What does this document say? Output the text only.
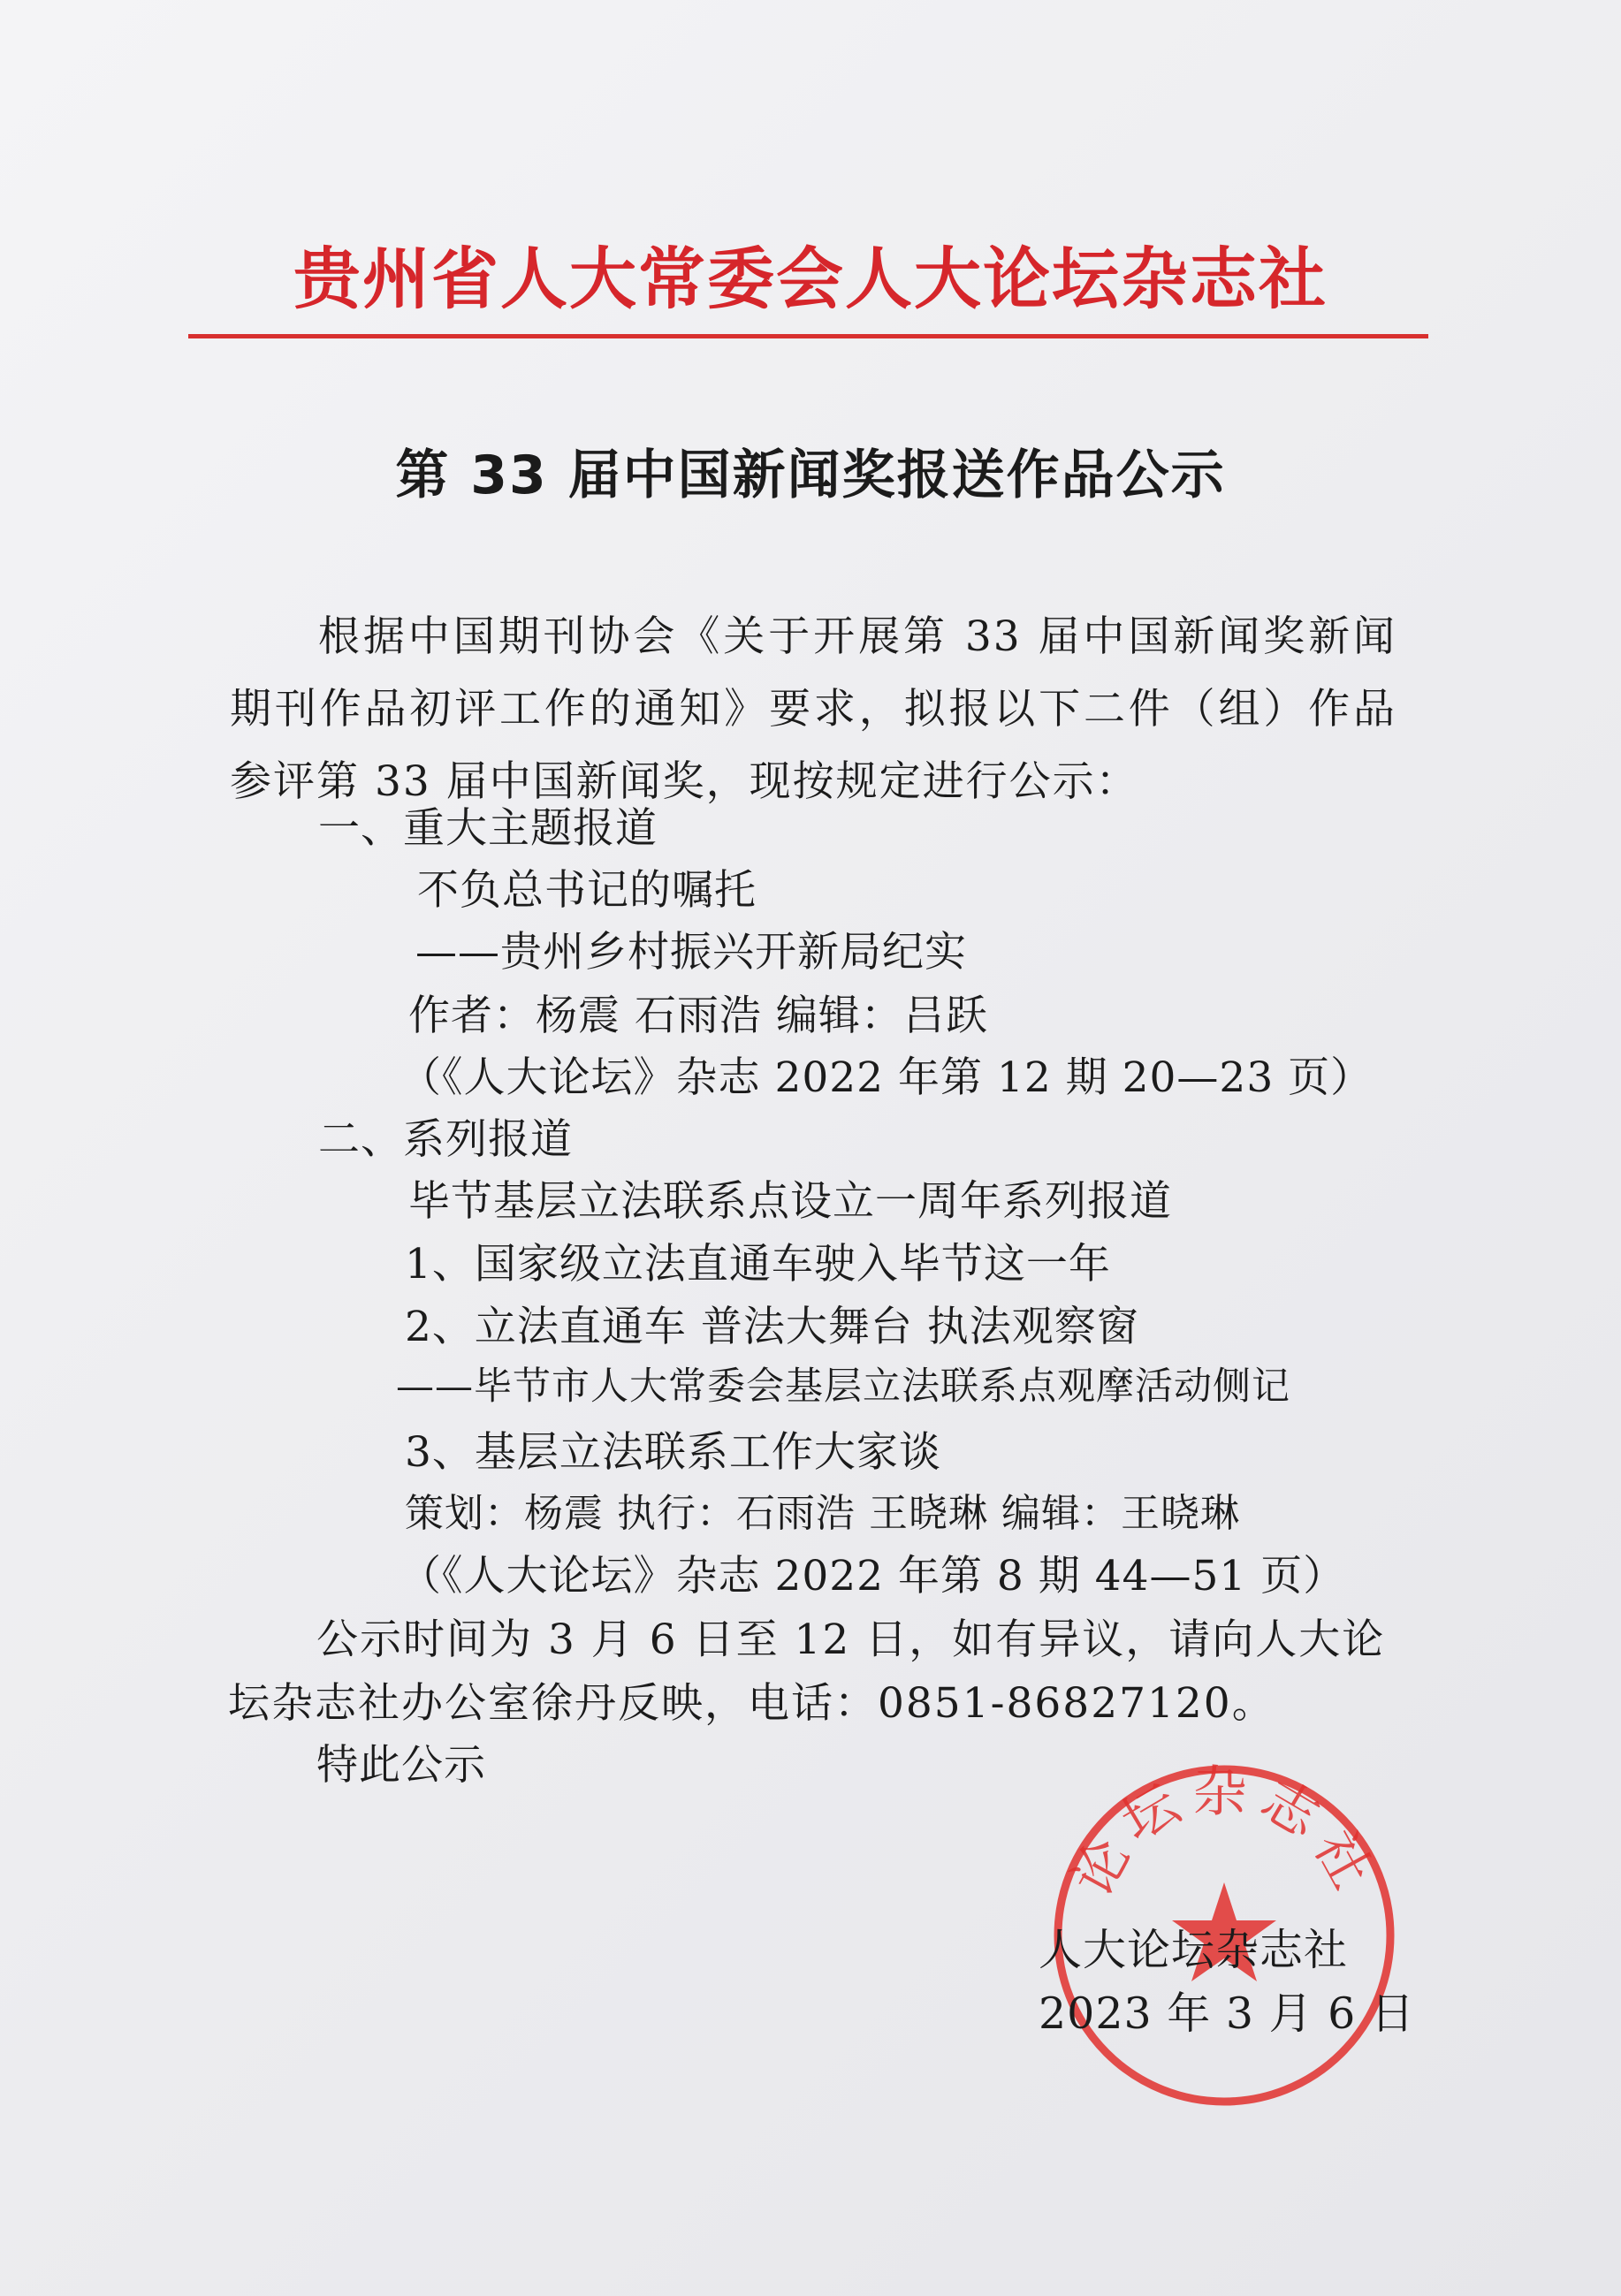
贵州省人大常委会人大论坛杂志社
第 33 届中国新闻奖报送作品公示
根据中国期刊协会《关于开展第 33 届中国新闻奖新闻期刊作品初评工作的通知》要求，拟报以下二件（组）作品参评第 33 届中国新闻奖，现按规定进行公示：
一、重大主题报道
不负总书记的嘱托
——贵州乡村振兴开新局纪实
作者：杨震 石雨浩 编辑：吕跃
（《人大论坛》杂志 2022 年第 12 期 20—23 页）
二、系列报道
毕节基层立法联系点设立一周年系列报道
1、国家级立法直通车驶入毕节这一年
2、立法直通车 普法大舞台 执法观察窗
——毕节市人大常委会基层立法联系点观摩活动侧记
3、基层立法联系工作大家谈
策划：杨震 执行：石雨浩 王晓琳 编辑：王晓琳
（《人大论坛》杂志 2022 年第 8 期 44—51 页）
公示时间为 3 月 6 日至 12 日，如有异议，请向人大论
坛杂志社办公室徐丹反映，电话：0851-86827120。
特此公示
论坛杂志社
人大论坛杂志社
2023 年 3 月 6 日
